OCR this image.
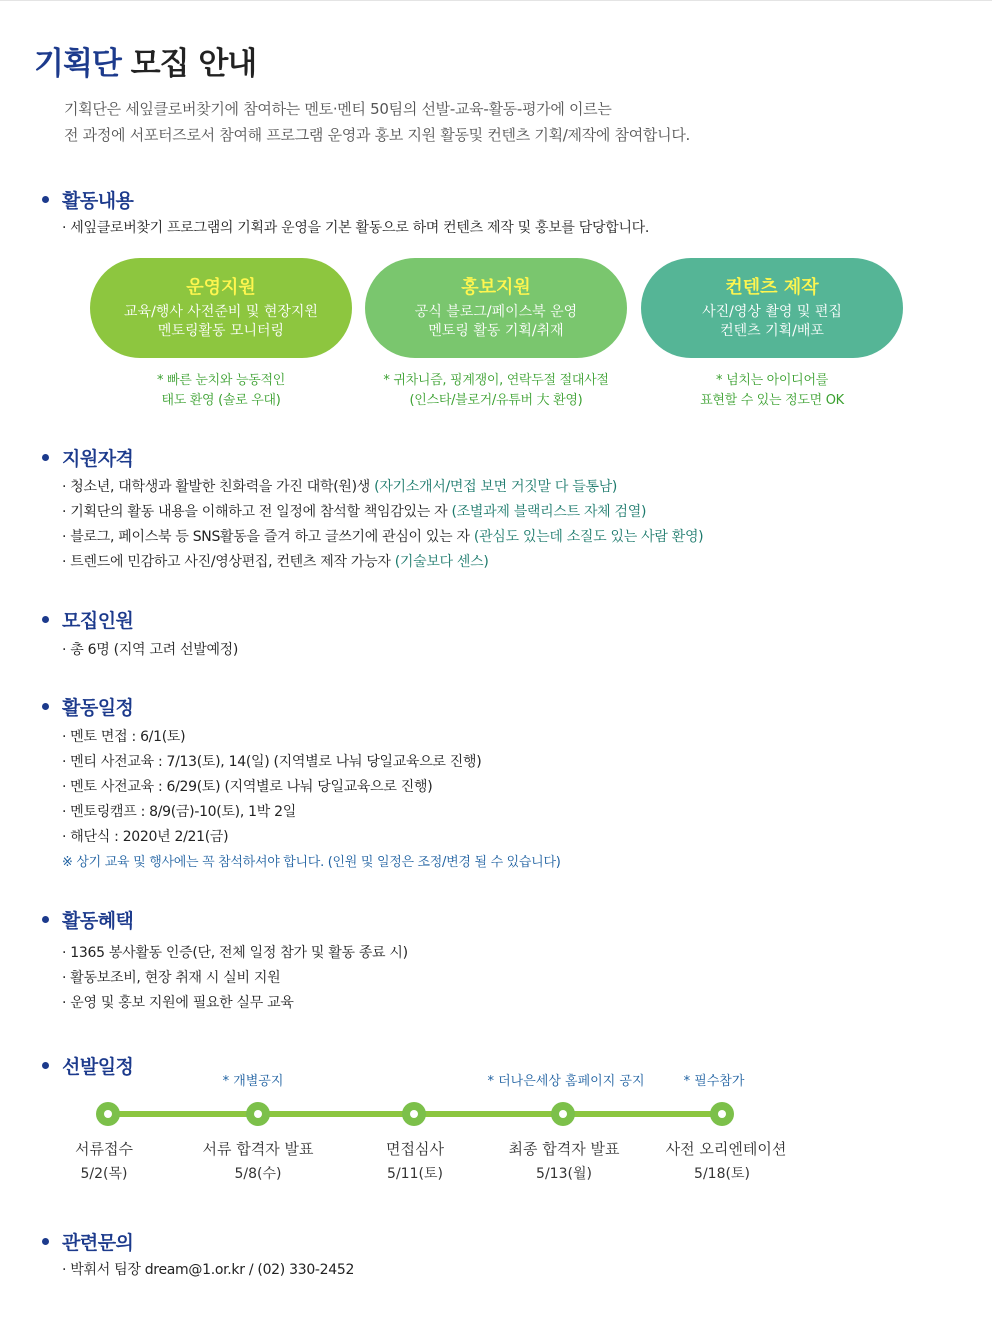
기획단 모집 안내
기획단은 세잎클로버찾기에 참여하는 멘토·멘티 50팀의 선발-교육-활동-평가에 이르는
전 과정에 서포터즈로서 참여해 프로그램 운영과 홍보 지원 활동및 컨텐츠 기획/제작에 참여합니다.
활동내용
· 세잎클로버찾기 프로그램의 기획과 운영을 기본 활동으로 하며 컨텐츠 제작 및 홍보를 담당합니다.
운영지원
교육/행사 사전준비 및 현장지원
멘토링활동 모니터링
홍보지원
공식 블로그/페이스북 운영
멘토링 활동 기획/취재
컨텐츠 제작
사진/영상 촬영 및 편집
컨텐츠 기획/배포
* 빠른 눈치와 능동적인
태도 환영 (솔로 우대)
* 귀차니즘, 핑계쟁이, 연락두절 절대사절
(인스타/블로거/유튜버 大 환영)
* 넘치는 아이디어를
표현할 수 있는 정도면 OK
지원자격
· 청소년, 대학생과 활발한 친화력을 가진 대학(원)생 (자기소개서/면접 보면 거짓말 다 들통남)
· 기획단의 활동 내용을 이해하고 전 일정에 참석할 책임감있는 자 (조별과제 블랙리스트 자체 검열)
· 블로그, 페이스북 등 SNS활동을 즐겨 하고 글쓰기에 관심이 있는 자 (관심도 있는데 소질도 있는 사람 환영)
· 트렌드에 민감하고 사진/영상편집, 컨텐츠 제작 가능자 (기술보다 센스)
모집인원
· 총 6명 (지역 고려 선발예정)
활동일정
· 멘토 면접 : 6/1(토)
· 멘티 사전교육 : 7/13(토), 14(일) (지역별로 나눠 당일교육으로 진행)
· 멘토 사전교육 : 6/29(토) (지역별로 나눠 당일교육으로 진행)
· 멘토링캠프 : 8/9(금)-10(토), 1박 2일
· 해단식 : 2020년 2/21(금)
※ 상기 교육 및 행사에는 꼭 참석하셔야 합니다. (인원 및 일정은 조정/변경 될 수 있습니다)
활동혜택
· 1365 봉사활동 인증(단, 전체 일정 참가 및 활동 종료 시)
· 활동보조비, 현장 취재 시 실비 지원
· 운영 및 홍보 지원에 필요한 실무 교육
선발일정
* 개별공지	* 더나은세상 홈페이지 공지	* 필수참가
서류접수	서류 합격자 발표	면접심사	최종 합격자 발표	사전 오리엔테이션
5/2(목)	5/8(수)	5/11(토)	5/13(월)	5/18(토)
관련문의
· 박휘서 팀장 dream@1.or.kr / (02) 330-2452
